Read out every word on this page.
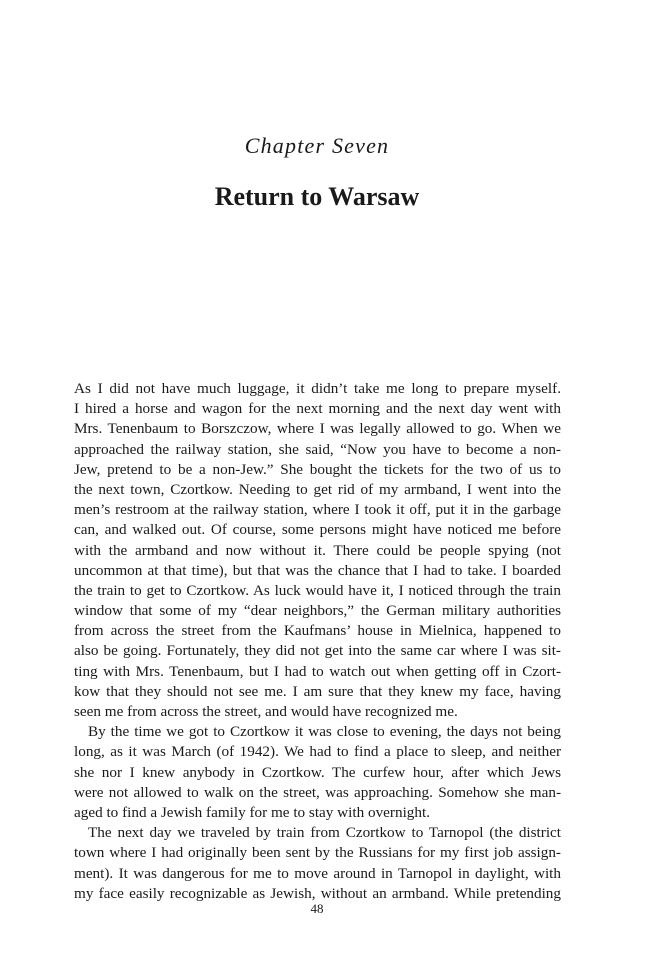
Chapter Seven
Return to Warsaw
As I did not have much luggage, it didn’t take me long to prepare myself.
I hired a horse and wagon for the next morning and the next day went with
Mrs. Tenenbaum to Borszczow, where I was legally allowed to go. When we
approached the railway station, she said, “Now you have to become a non-
Jew, pretend to be a non-Jew.” She bought the tickets for the two of us to
the next town, Czortkow. Needing to get rid of my armband, I went into the
men’s restroom at the railway station, where I took it off, put it in the garbage
can, and walked out. Of course, some persons might have noticed me before
with the armband and now without it. There could be people spying (not
uncommon at that time), but that was the chance that I had to take. I boarded
the train to get to Czortkow. As luck would have it, I noticed through the train
window that some of my “dear neighbors,” the German military authorities
from across the street from the Kaufmans’ house in Mielnica, happened to
also be going. Fortunately, they did not get into the same car where I was sit-
ting with Mrs. Tenenbaum, but I had to watch out when getting off in Czort-
kow that they should not see me. I am sure that they knew my face, having
seen me from across the street, and would have recognized me.
By the time we got to Czortkow it was close to evening, the days not being
long, as it was March (of 1942). We had to find a place to sleep, and neither
she nor I knew anybody in Czortkow. The curfew hour, after which Jews
were not allowed to walk on the street, was approaching. Somehow she man-
aged to find a Jewish family for me to stay with overnight.
The next day we traveled by train from Czortkow to Tarnopol (the district
town where I had originally been sent by the Russians for my first job assign-
ment). It was dangerous for me to move around in Tarnopol in daylight, with
my face easily recognizable as Jewish, without an armband. While pretending
48
